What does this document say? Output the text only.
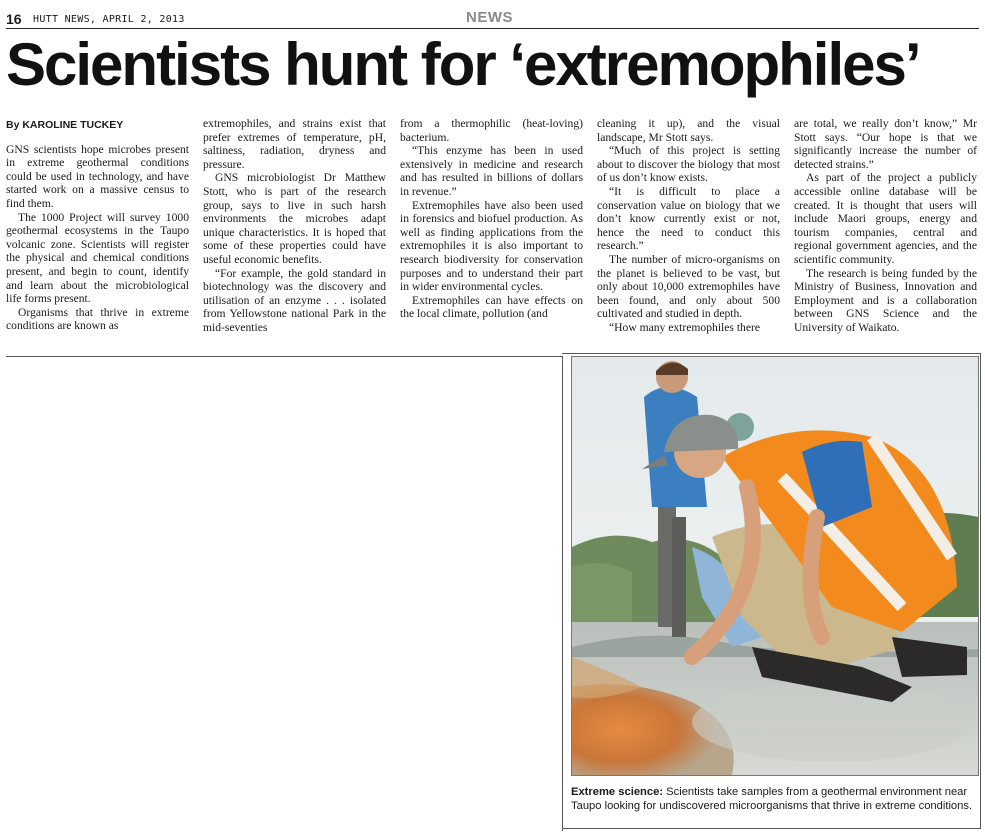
16 HUTT NEWS, APRIL 2, 2013	NEWS
Scientists hunt for ‘extremophiles’
By KAROLINE TUCKEY

GNS scientists hope microbes present in extreme geothermal conditions could be used in technology, and have started work on a massive census to find them.

The 1000 Project will survey 1000 geothermal ecosystems in the Taupo volcanic zone. Scientists will register the physical and chemical conditions present, and begin to count, identify and learn about the microbiological life forms present.

Organisms that thrive in extreme conditions are known as

extremophiles, and strains exist that prefer extremes of temperature, pH, saltiness, radiation, dryness and pressure.

GNS microbiologist Dr Matthew Stott, who is part of the research group, says to live in such harsh environments the microbes adapt unique characteristics. It is hoped that some of these properties could have useful economic benefits.

“For example, the gold standard in biotechnology was the discovery and utilisation of an enzyme . . . isolated from Yellowstone national Park in the mid-seventies

from a thermophilic (heat-loving) bacterium.

“This enzyme has been in used extensively in medicine and research and has resulted in billions of dollars in revenue.”

Extremophiles have also been used in forensics and biofuel production. As well as finding applications from the extremophiles it is also important to research biodiversity for conservation purposes and to understand their part in wider environmental cycles.

Extremophiles can have effects on the local climate, pollution (and

cleaning it up), and the visual landscape, Mr Stott says.

“Much of this project is setting about to discover the biology that most of us don’t know exists.

“It is difficult to place a conservation value on biology that we don’t know currently exist or not, hence the need to conduct this research.”

The number of micro-organisms on the planet is believed to be vast, but only about 10,000 extremophiles have been found, and only about 500 cultivated and studied in depth.

“How many extremophiles there

are total, we really don’t know,” Mr Stott says. “Our hope is that we significantly increase the number of detected strains.”

As part of the project a publicly accessible online database will be created. It is thought that users will include Maori groups, energy and tourism companies, central and regional government agencies, and the scientific community.

The research is being funded by the Ministry of Business, Innovation and Employment and is a collaboration between GNS Science and the University of Waikato.

Extreme science: Scientists take samples from a geothermal environment near Taupo looking for undiscovered microorganisms that thrive in extreme conditions.
